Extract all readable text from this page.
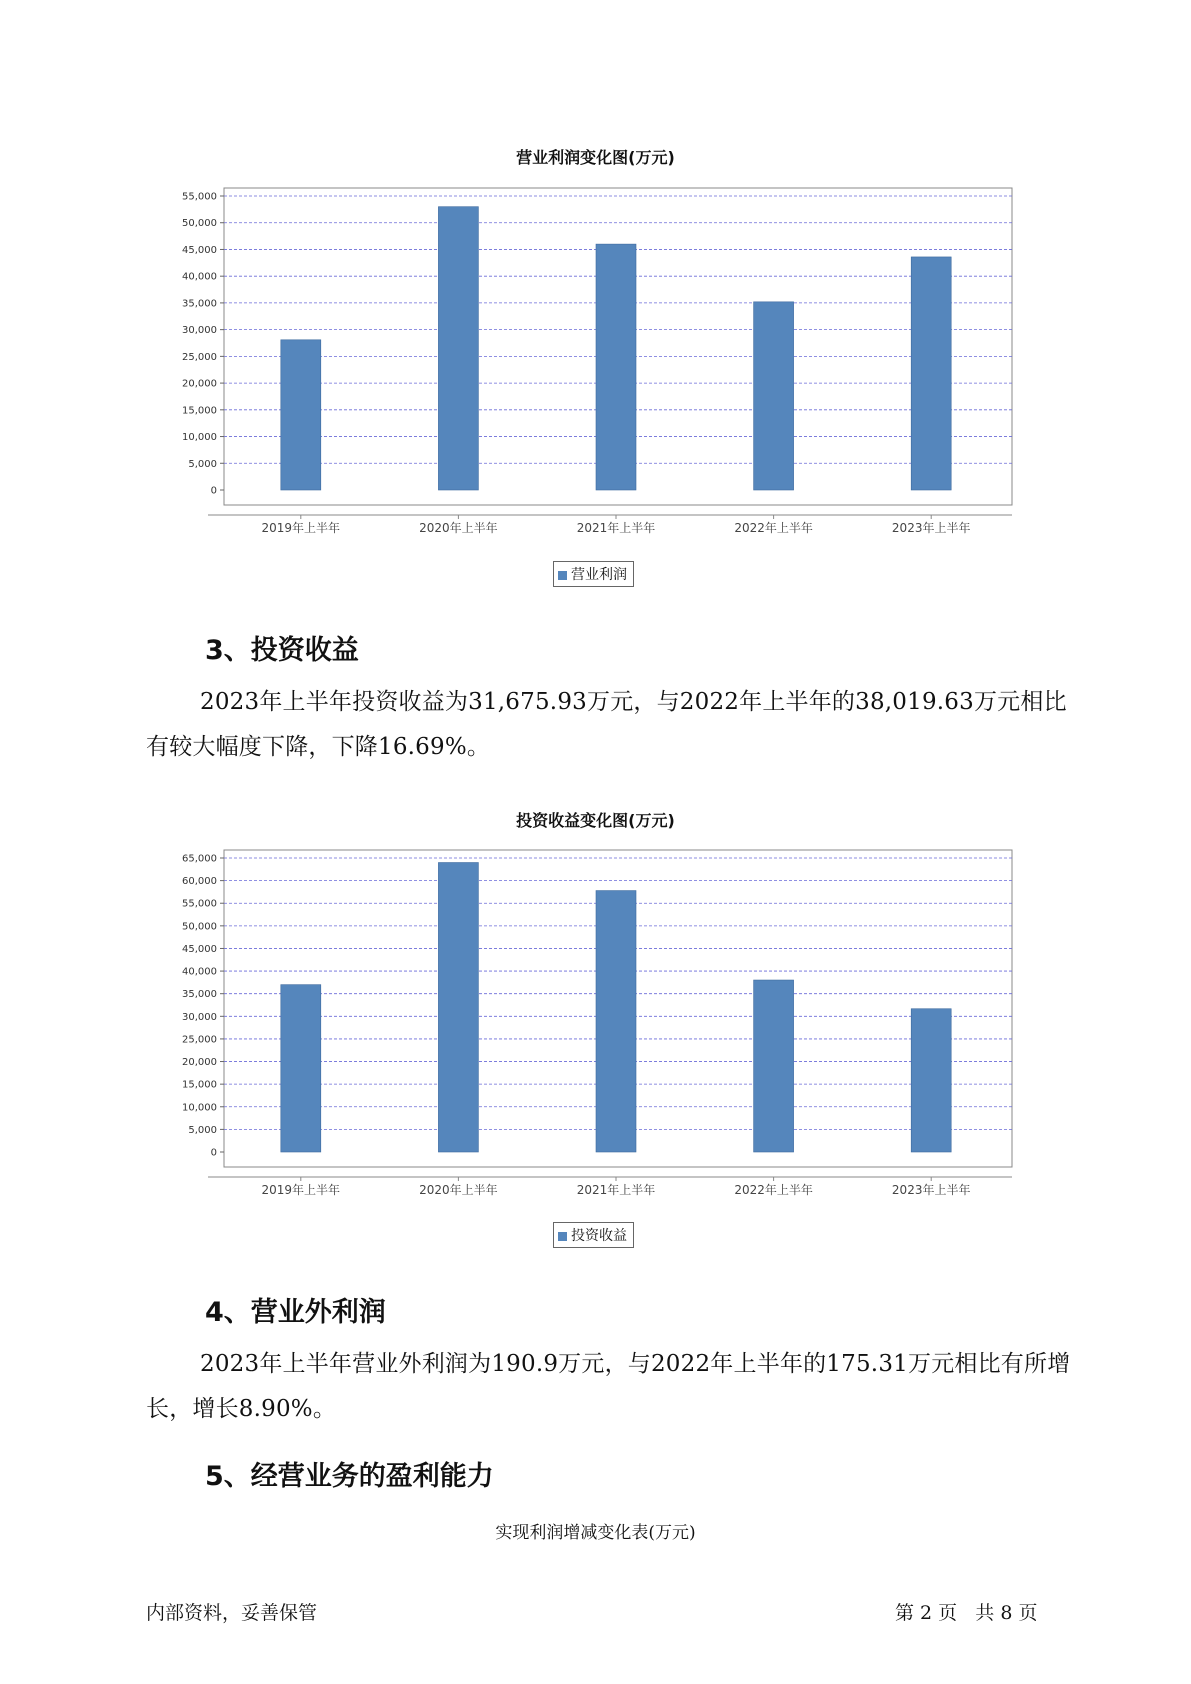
营业利润变化图(万元)
0
5,000
10,000
15,000
20,000
25,000
30,000
35,000
40,000
45,000
50,000
55,000
2019年上半年	2020年上半年	2021年上半年	2022年上半年	2023年上半年
营业利润
3、投资收益

2023年上半年投资收益为31,675.93万元，与2022年上半年的38,019.63万元相比有较大幅度下降，下降16.69%。

投资收益变化图(万元)
0
5,000
10,000
15,000
20,000
25,000
30,000
35,000
40,000
45,000
50,000
55,000
60,000
65,000
2019年上半年	2020年上半年	2021年上半年	2022年上半年	2023年上半年
投资收益
4、营业外利润

2023年上半年营业外利润为190.9万元，与2022年上半年的175.31万元相比有所增长，增长8.90%。

5、经营业务的盈利能力
实现利润增减变化表(万元)
内部资料，妥善保管	第 2 页   共 8 页
